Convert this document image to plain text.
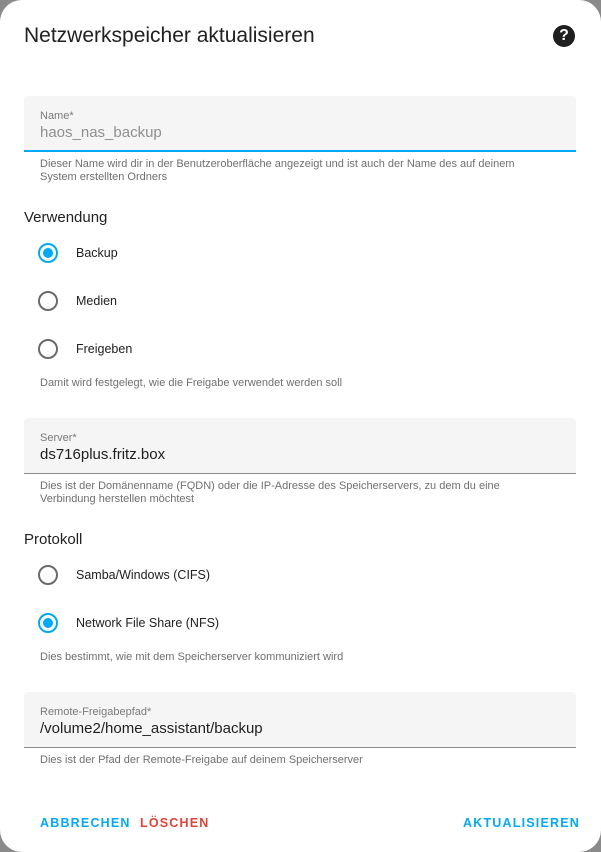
Netzwerkspeicher aktualisieren	?
Name*
haos_nas_backup
Dieser Name wird dir in der Benutzeroberfläche angezeigt und ist auch der Name des auf deinem System erstellten Ordners
Verwendung
Backup
Medien
Freigeben
Damit wird festgelegt, wie die Freigabe verwendet werden soll
Server*
ds716plus.fritz.box
Dies ist der Domänenname (FQDN) oder die IP-Adresse des Speicherservers, zu dem du eine Verbindung herstellen möchtest
Protokoll
Samba/Windows (CIFS)
Network File Share (NFS)
Dies bestimmt, wie mit dem Speicherserver kommuniziert wird
Remote-Freigabepfad*
/volume2/home_assistant/backup
Dies ist der Pfad der Remote-Freigabe auf deinem Speicherserver
ABBRECHEN LÖSCHEN	AKTUALISIEREN
